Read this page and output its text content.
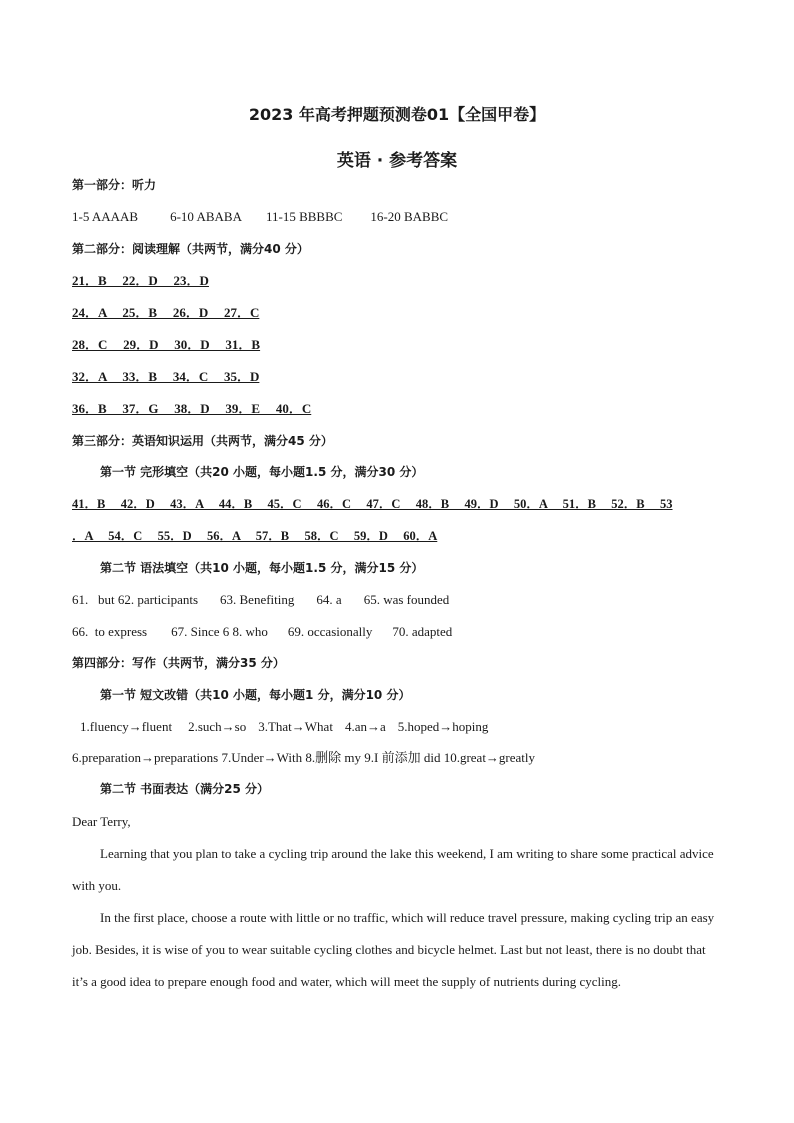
2023 年高考押题预测卷01【全国甲卷】
英语 · 参考答案
第一部分：听力
1-5 AAAAB 6-10 ABABA 11-15 BBBBC 16-20 BABBC
第二部分：阅读理解（共两节，满分40 分）
21．B   22．D   23．D
24．A   25．B   26．D   27．C
28．C   29．D   30．D   31．B
32．A   33．B   34．C   35．D
36．B   37．G   38．D   39．E   40．C
第三部分：英语知识运用（共两节，满分45 分）
第一节 完形填空（共20 小题，每小题1.5 分，满分30 分）
41．B   42．D   43．A   44．B   45．C   46．C   47．C   48．B   49．D   50．A   51．B   52．B   53
．A   54．C   55．D   56．A   57．B   58．C   59．D   60．A
第二节 语法填空（共10 小题，每小题1.5 分，满分15 分）
61.   but 62. participants 63. Benefiting 64. a 65. was founded
66.  to express 67. Since 6 8. who 69. occasionally 70. adapted
第四部分：写作（共两节，满分35 分）
第一节 短文改错（共10 小题，每小题1 分，满分10 分）
1.fluency→fluent 2.such→so 3.That→What 4.an→a 5.hoped→hoping
6.preparation→preparations 7.Under→With 8.删除 my 9.I 前添加 did 10.great→greatly
第二节 书面表达（满分25 分）
Dear Terry,
Learning that you plan to take a cycling trip around the lake this weekend, I am writing to share some practical advice with you.
In the first place, choose a route with little or no traffic, which will reduce travel pressure, making cycling trip an easy job. Besides, it is wise of you to wear suitable cycling clothes and bicycle helmet. Last but not least, there is no doubt that it’s a good idea to prepare enough food and water, which will meet the supply of nutrients during cycling.
